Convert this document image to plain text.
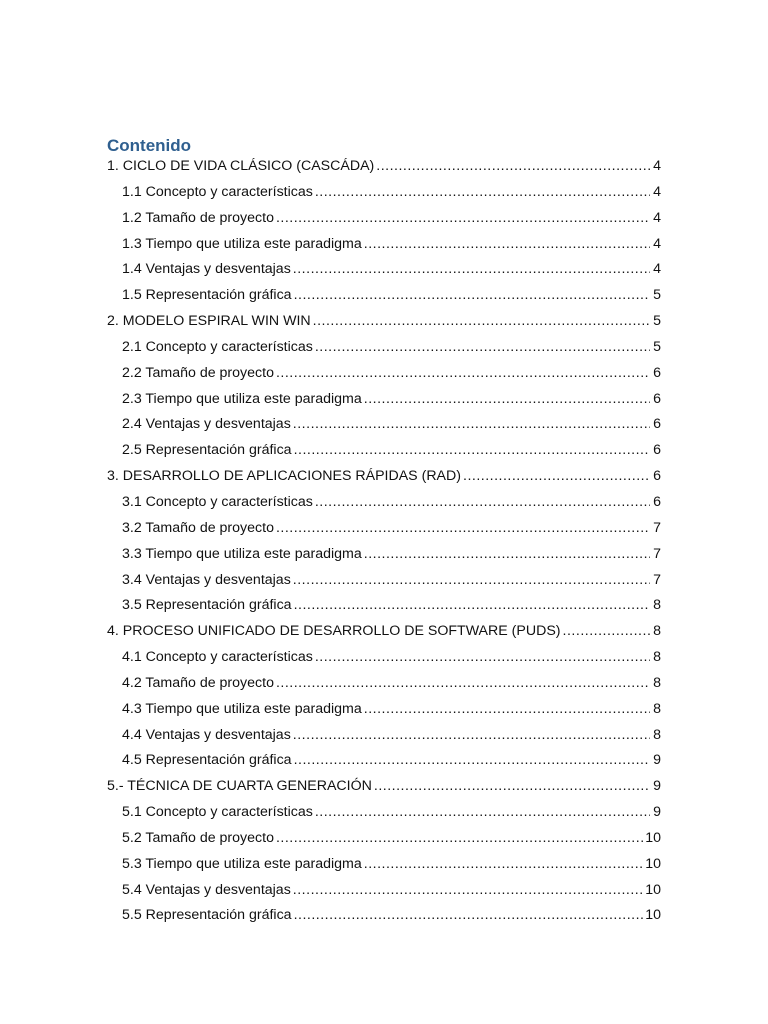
Contenido
1. CICLO DE VIDA CLÁSICO (CASCÁDA) .....	4
1.1 Concepto y características .....	4
1.2 Tamaño de proyecto .....	4
1.3 Tiempo que utiliza este paradigma .....	4
1.4 Ventajas y desventajas .....	4
1.5 Representación gráfica .....	5
2. MODELO ESPIRAL WIN WIN .....	5
2.1 Concepto y características .....	5
2.2 Tamaño de proyecto .....	6
2.3 Tiempo que utiliza este paradigma .....	6
2.4 Ventajas y desventajas .....	6
2.5 Representación gráfica .....	6
3. DESARROLLO DE APLICACIONES RÁPIDAS (RAD) .....	6
3.1 Concepto y características .....	6
3.2 Tamaño de proyecto .....	7
3.3 Tiempo que utiliza este paradigma .....	7
3.4 Ventajas y desventajas .....	7
3.5 Representación gráfica .....	8
4. PROCESO UNIFICADO DE DESARROLLO DE SOFTWARE (PUDS) .....	8
4.1 Concepto y características .....	8
4.2 Tamaño de proyecto .....	8
4.3 Tiempo que utiliza este paradigma .....	8
4.4 Ventajas y desventajas .....	8
4.5 Representación gráfica .....	9
5.- TÉCNICA DE CUARTA GENERACIÓN .....	9
5.1 Concepto y características .....	9
5.2 Tamaño de proyecto .....	10
5.3 Tiempo que utiliza este paradigma .....	10
5.4 Ventajas y desventajas .....	10
5.5 Representación gráfica .....	10
